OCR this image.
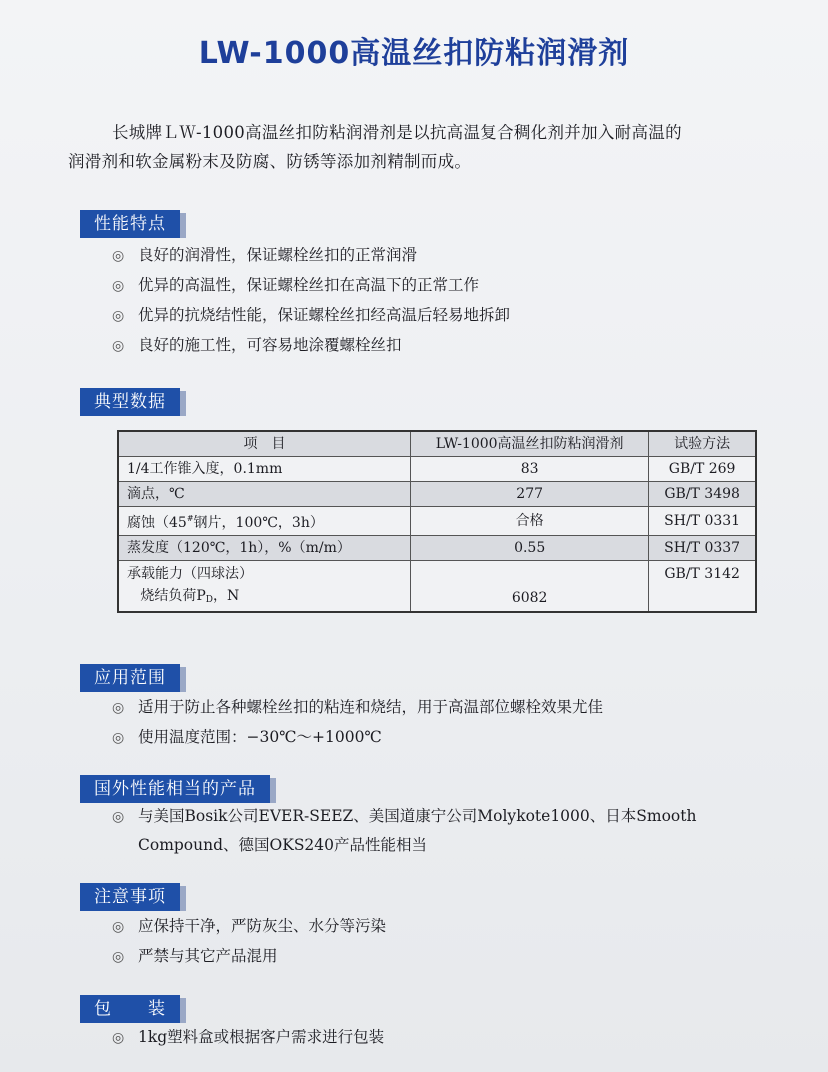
LW-1000高温丝扣防粘润滑剂
长城牌ＬＷ-1000高温丝扣防粘润滑剂是以抗高温复合稠化剂并加入耐高温的
润滑剂和软金属粉末及防腐、防锈等添加剂精制而成。
性能特点
◎ 良好的润滑性，保证螺栓丝扣的正常润滑
◎ 优异的高温性，保证螺栓丝扣在高温下的正常工作
◎ 优异的抗烧结性能，保证螺栓丝扣经高温后轻易地拆卸
◎ 良好的施工性，可容易地涂覆螺栓丝扣
典型数据
项　目	LW-1000高温丝扣防粘润滑剂	试验方法
1/4工作锥入度，0.1mm	83	GB/T 269
滴点，℃	277	GB/T 3498
腐蚀（45#钢片，100℃，3h）	合格	SH/T 0331
蒸发度（120℃，1h），%（m/m）	0.55	SH/T 0337
承载能力（四球法）
烧结负荷$P_D$，N	6082	GB/T 3142
应用范围
◎ 适用于防止各种螺栓丝扣的粘连和烧结，用于高温部位螺栓效果尤佳
◎ 使用温度范围：−30℃～+1000℃
国外性能相当的产品
◎ 与美国Bosik公司EVER-SEEZ、美国道康宁公司Molykote1000、日本Smooth
Compound、德国OKS240产品性能相当
注意事项
◎ 应保持干净，严防灰尘、水分等污染
◎ 严禁与其它产品混用
包　　装
◎ 1kg塑料盒或根据客户需求进行包装
